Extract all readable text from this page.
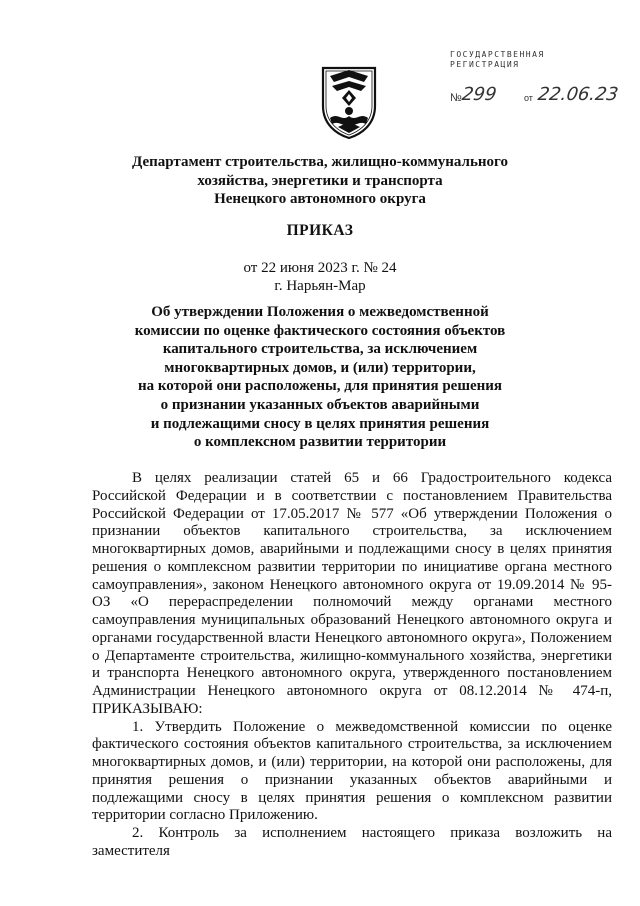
ГОСУДАРСТВЕННАЯ
РЕГИСТРАЦИЯ
№
299	от 22.06.23
Департамент строительства, жилищно-коммунального
хозяйства, энергетики и транспорта
Ненецкого автономного округа
ПРИКАЗ
от 22 июня 2023 г. № 24
г. Нарьян-Мар
Об утверждении Положения о межведомственной
комиссии по оценке фактического состояния объектов
капитального строительства, за исключением
многоквартирных домов, и (или) территории,
на которой они расположены, для принятия решения
о признании указанных объектов аварийными
и подлежащими сносу в целях принятия решения
о комплексном развитии территории

В целях реализации статей 65 и 66 Градостроительного кодекса Российской Федерации и в соответствии с постановлением Правительства Российской Федерации от 17.05.2017 № 577 «Об утверждении Положения о признании объектов капитального строительства, за исключением многоквартирных домов, аварийными и подлежащими сносу в целях принятия решения о комплексном развитии территории по инициативе органа местного самоуправления», законом Ненецкого автономного округа от 19.09.2014 № 95-ОЗ «О перераспределении полномочий между органами местного самоуправления муниципальных образований Ненецкого автономного округа и органами государственной власти Ненецкого автономного округа», Положением о Департаменте строительства, жилищно-коммунального хозяйства, энергетики и транспорта Ненецкого автономного округа, утвержденного постановлением Администрации Ненецкого автономного округа от 08.12.2014 № 474-п, ПРИКАЗЫВАЮ:

1. Утвердить Положение о межведомственной комиссии по оценке фактического состояния объектов капитального строительства, за исключением многоквартирных домов, и (или) территории, на которой они расположены, для принятия решения о признании указанных объектов аварийными и подлежащими сносу в целях принятия решения о комплексном развитии территории согласно Приложению.

2. Контроль за исполнением настоящего приказа возложить на заместителя
